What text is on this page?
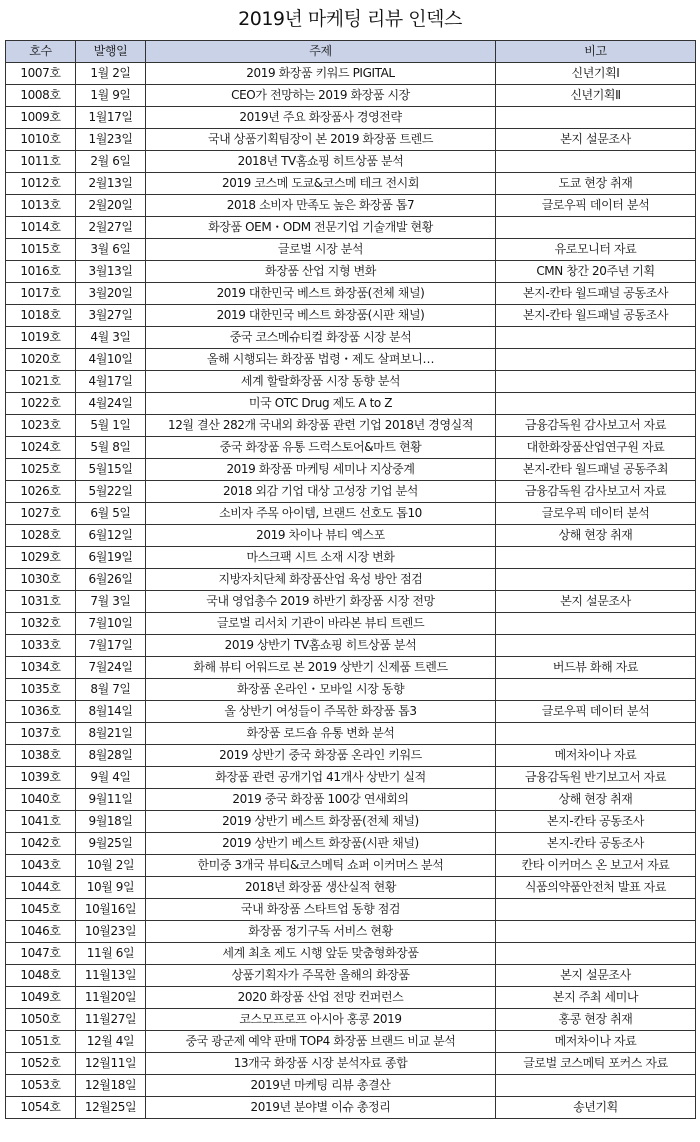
2019년 마케팅 리뷰 인덱스
호수	발행일	주제	비고
1007호	1월 2일	2019 화장품 키워드 PIGITAL	신년기획Ⅰ
1008호	1월 9일	CEO가 전망하는 2019 화장품 시장	신년기획Ⅱ
1009호	1월17일	2019년 주요 화장품사 경영전략	
1010호	1월23일	국내 상품기획팀장이 본 2019 화장품 트렌드	본지 설문조사
1011호	2월 6일	2018년 TV홈쇼핑 히트상품 분석	
1012호	2월13일	2019 코스메 도쿄&코스메 테크 전시회	도쿄 현장 취재
1013호	2월20일	2018 소비자 만족도 높은 화장품 톱7	글로우픽 데이터 분석
1014호	2월27일	화장품 OEM・ODM 전문기업 기술개발 현황	
1015호	3월 6일	글로벌 시장 분석	유로모니터 자료
1016호	3월13일	화장품 산업 지형 변화	CMN 창간 20주년 기획
1017호	3월20일	2019 대한민국 베스트 화장품(전체 채널)	본지-칸타 월드패널 공동조사
1018호	3월27일	2019 대한민국 베스트 화장품(시판 채널)	본지-칸타 월드패널 공동조사
1019호	4월 3일	중국 코스메슈티컬 화장품 시장 분석	
1020호	4월10일	올해 시행되는 화장품 법령・제도 살펴보니…	
1021호	4월17일	세계 할랄화장품 시장 동향 분석	
1022호	4월24일	미국 OTC Drug 제도 A to Z	
1023호	5월 1일	12월 결산 282개 국내외 화장품 관련 기업 2018년 경영실적	금융감독원 감사보고서 자료
1024호	5월 8일	중국 화장품 유통 드럭스토어&마트 현황	대한화장품산업연구원 자료
1025호	5월15일	2019 화장품 마케팅 세미나 지상중계	본지-칸타 월드패널 공동주최
1026호	5월22일	2018 외감 기업 대상 고성장 기업 분석	금융감독원 감사보고서 자료
1027호	6월 5일	소비자 주목 아이템, 브랜드 선호도 톱10	글로우픽 데이터 분석
1028호	6월12일	2019 차이나 뷰티 엑스포	상해 현장 취재
1029호	6월19일	마스크팩 시트 소재 시장 변화	
1030호	6월26일	지방자치단체 화장품산업 육성 방안 점검	
1031호	7월 3일	국내 영업총수 2019 하반기 화장품 시장 전망	본지 설문조사
1032호	7월10일	글로벌 리서치 기관이 바라본 뷰티 트렌드	
1033호	7월17일	2019 상반기 TV홈쇼핑 히트상품 분석	
1034호	7월24일	화해 뷰티 어워드로 본 2019 상반기 신제품 트렌드	버드뷰 화해 자료
1035호	8월 7일	화장품 온라인・모바일 시장 동향	
1036호	8월14일	올 상반기 여성들이 주목한 화장품 톱3	글로우픽 데이터 분석
1037호	8월21일	화장품 로드숍 유통 변화 분석	
1038호	8월28일	2019 상반기 중국 화장품 온라인 키워드	메저차이나 자료
1039호	9월 4일	화장품 관련 공개기업 41개사 상반기 실적	금융감독원 반기보고서 자료
1040호	9월11일	2019 중국 화장품 100강 연새회의	상해 현장 취재
1041호	9월18일	2019 상반기 베스트 화장품(전체 채널)	본지-칸타 공동조사
1042호	9월25일	2019 상반기 베스트 화장품(시판 채널)	본지-칸타 공동조사
1043호	10월 2일	한미중 3개국 뷰티&코스메틱 쇼퍼 이커머스 분석	칸타 이커머스 온 보고서 자료
1044호	10월 9일	2018년 화장품 생산실적 현황	식품의약품안전처 발표 자료
1045호	10월16일	국내 화장품 스타트업 동향 점검	
1046호	10월23일	화장품 정기구독 서비스 현황	
1047호	11월 6일	세계 최초 제도 시행 앞둔 맞춤형화장품	
1048호	11월13일	상품기획자가 주목한 올해의 화장품	본지 설문조사
1049호	11월20일	2020 화장품 산업 전망 컨퍼런스	본지 주최 세미나
1050호	11월27일	코스모프로프 아시아 홍콩 2019	홍콩 현장 취재
1051호	12월 4일	중국 광군제 예약 판매 TOP4 화장품 브랜드 비교 분석	메저차이나 자료
1052호	12월11일	13개국 화장품 시장 분석자료 종합	글로벌 코스메틱 포커스 자료
1053호	12월18일	2019년 마케팅 리뷰 총결산	
1054호	12월25일	2019년 분야별 이슈 총정리	송년기획
